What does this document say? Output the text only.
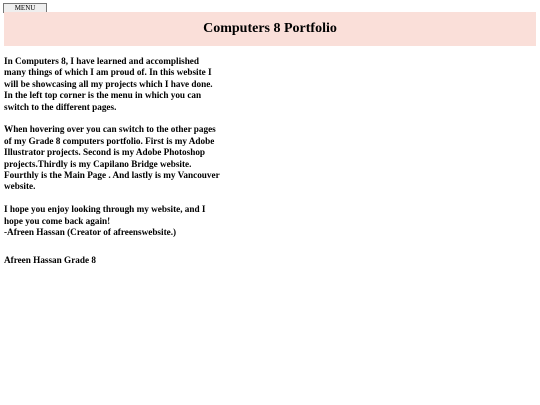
MENU
Computers 8 Portfolio

In Computers 8, I have learned and accomplished
many things of which I am proud of. In this website I
will be showcasing all my projects which I have done.
In the left top corner is the menu in which you can
switch to the different pages.

When hovering over you can switch to the other pages
of my Grade 8 computers portfolio. First is my Adobe
Illustrator projects. Second is my Adobe Photoshop
projects.Thirdly is my Capilano Bridge website.
Fourthly is the Main Page . And lastly is my Vancouver
website.

I hope you enjoy looking through my website, and I
hope you come back again!
-Afreen Hassan (Creator of afreenswebsite.)

Afreen Hassan Grade 8
